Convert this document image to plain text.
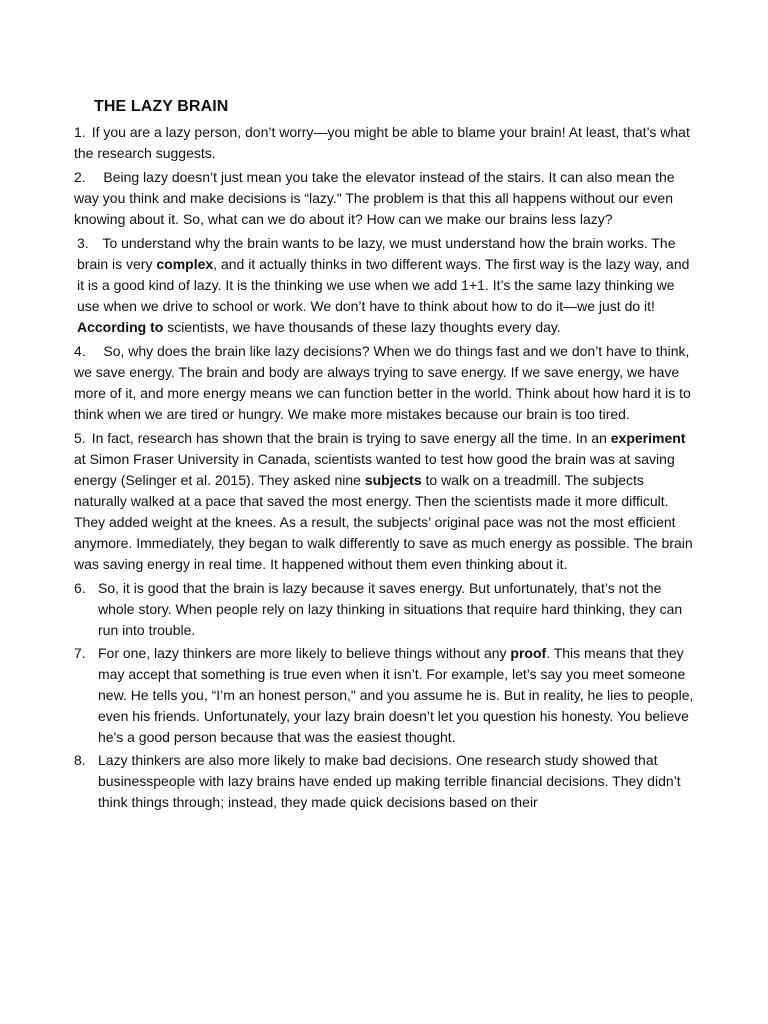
THE LAZY BRAIN

1. If you are a lazy person, don’t worry—you might be able to blame your brain! At least, that’s what the research suggests.

2. Being lazy doesn’t just mean you take the elevator instead of the stairs. It can also mean the way you think and make decisions is “lazy." The problem is that this all happens without our even knowing about it. So, what can we do about it? How can we make our brains less lazy?

3. To understand why the brain wants to be lazy, we must understand how the brain works. The brain is very complex, and it actually thinks in two different ways. The first way is the lazy way, and it is a good kind of lazy. It is the thinking we use when we add 1+1. It’s the same lazy thinking we use when we drive to school or work. We don’t have to think about how to do it—we just do it! According to scientists, we have thousands of these lazy thoughts every day.

4. So, why does the brain like lazy decisions? When we do things fast and we don’t have to think, we save energy. The brain and body are always trying to save energy. If we save energy, we have more of it, and more energy means we can function better in the world. Think about how hard it is to think when we are tired or hungry. We make more mistakes because our brain is too tired.

5. In fact, research has shown that the brain is trying to save energy all the time. In an experiment at Simon Fraser University in Canada, scientists wanted to test how good the brain was at saving energy (Selinger et al. 2015). They asked nine subjects to walk on a treadmill. The subjects naturally walked at a pace that saved the most energy. Then the scientists made it more difficult. They added weight at the knees. As a result, the subjects’ original pace was not the most efficient anymore. Immediately, they began to walk differently to save as much energy as possible. The brain was saving energy in real time. It happened without them even thinking about it.

6. So, it is good that the brain is lazy because it saves energy. But unfortunately, that’s not the whole story. When people rely on lazy thinking in situations that require hard thinking, they can run into trouble.

7. For one, lazy thinkers are more likely to believe things without any proof. This means that they may accept that something is true even when it isn’t. For example, let’s say you meet someone new. He tells you, “I’m an honest person," and you assume he is. But in reality, he lies to people, even his friends. Unfortunately, your lazy brain doesn’t let you question his honesty. You believe he's a good person because that was the easiest thought.

8. Lazy thinkers are also more likely to make bad decisions. One research study showed that businesspeople with lazy brains have ended up making terrible financial decisions. They didn’t think things through; instead, they made quick decisions based on their
